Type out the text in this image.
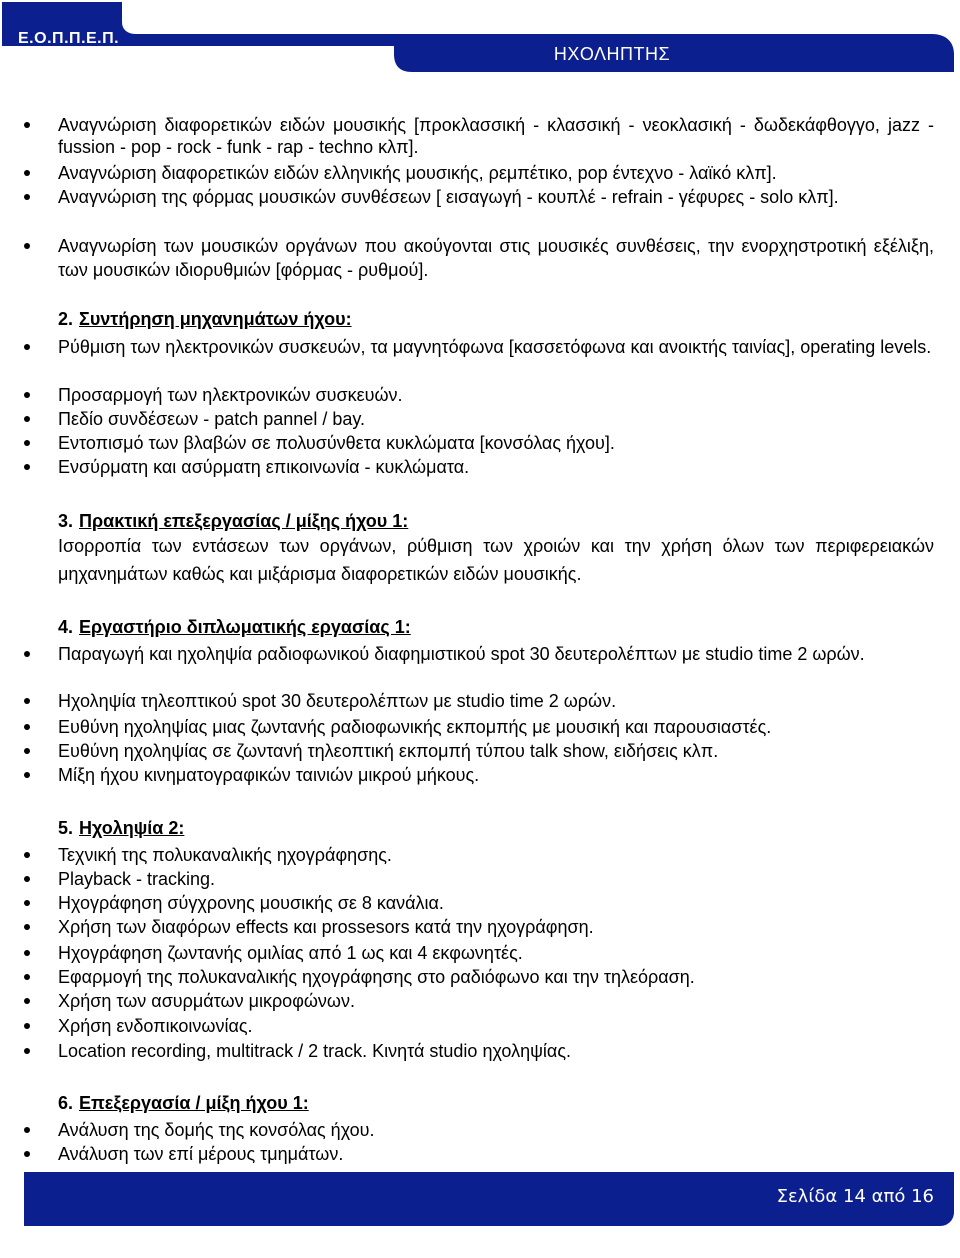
Ε.Ο.Π.Π.Ε.Π.
ΗΧΟΛΗΠΤΗΣ
Αναγνώριση διαφορετικών ειδών μουσικής [προκλασσική - κλασσική - νεοκλασική - δωδεκάφθογγο, jazz - fussion - pop - rock - funk - rap - techno κλπ].
Αναγνώριση διαφορετικών ειδών ελληνικής μουσικής, ρεμπέτικο, pop έντεχνο - λαϊκό κλπ].
Αναγνώριση της φόρμας μουσικών συνθέσεων [ εισαγωγή - κουπλέ - refrain - γέφυρες - solo κλπ].
Αναγνωρίση των μουσικών οργάνων που ακούγονται στις μουσικές συνθέσεις, την ενορχηστροτική εξέλιξη, των μουσικών ιδιορυθμιών [φόρμας - ρυθμού].
2. Συντήρηση μηχανημάτων ήχου:
Ρύθμιση των ηλεκτρονικών συσκευών, τα μαγνητόφωνα [κασσετόφωνα και ανοικτής ταινίας], operating levels.
Προσαρμογή των ηλεκτρονικών συσκευών.
Πεδίο συνδέσεων - patch pannel / bay.
Εντοπισμό των βλαβών σε πολυσύνθετα κυκλώματα [κονσόλας ήχου].
Ενσύρματη και ασύρματη επικοινωνία - κυκλώματα.
3. Πρακτική επεξεργασίας / μίξης ήχου 1:
Ισορροπία των εντάσεων των οργάνων, ρύθμιση των χροιών και την χρήση όλων των περιφερειακών μηχανημάτων καθώς και μιξάρισμα διαφορετικών ειδών μουσικής.
4. Εργαστήριο διπλωματικής εργασίας 1:
Παραγωγή και ηχοληψία ραδιοφωνικού διαφημιστικού spot 30 δευτερολέπτων με studio time 2 ωρών.
Ηχοληψία τηλεοπτικού spot 30 δευτερολέπτων με studio time 2 ωρών.
Ευθύνη ηχοληψίας μιας ζωντανής ραδιοφωνικής εκπομπής με μουσική και παρουσιαστές.
Ευθύνη ηχοληψίας σε ζωντανή τηλεοπτική εκπομπή τύπου talk show, ειδήσεις κλπ.
Μίξη ήχου κινηματογραφικών ταινιών μικρού μήκους.
5. Ηχοληψία 2:
Τεχνική της πολυκαναλικής ηχογράφησης.
Playback - tracking.
Ηχογράφηση σύγχρονης μουσικής σε 8 κανάλια.
Χρήση των διαφόρων effects και prossesors κατά την ηχογράφηση.
Ηχογράφηση ζωντανής ομιλίας από 1 ως και 4 εκφωνητές.
Εφαρμογή της πολυκαναλικής ηχογράφησης στο ραδιόφωνο και την τηλεόραση.
Χρήση των ασυρμάτων μικροφώνων.
Χρήση ενδοπικοινωνίας.
Location recording, multitrack / 2 track. Κινητά studio ηχοληψίας.
6. Επεξεργασία / μίξη ήχου 1:
Ανάλυση της δομής της κονσόλας ήχου.
Ανάλυση των επί μέρους τμημάτων.
Σελίδα 14 από 16
